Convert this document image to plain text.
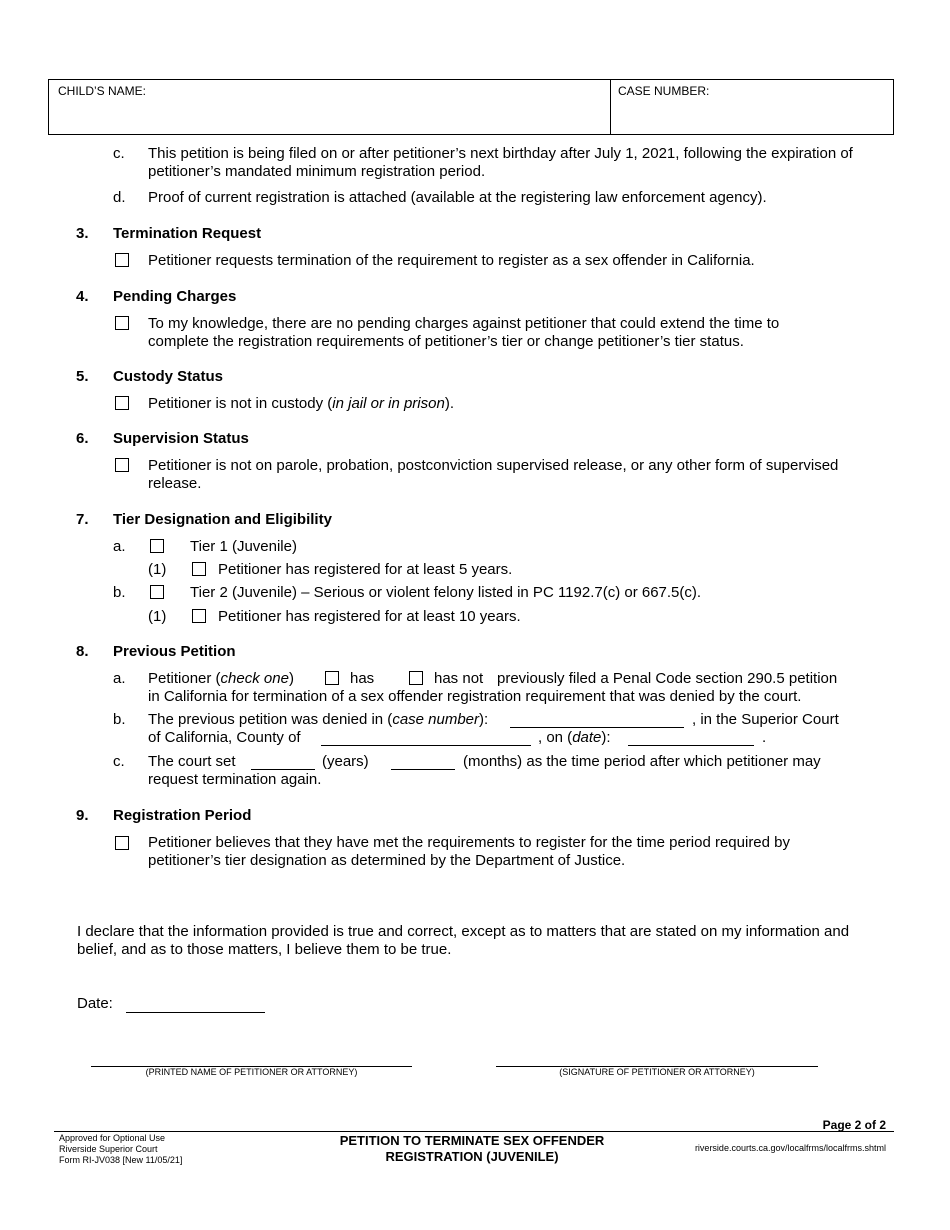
CHILD’S NAME:	CASE NUMBER:
c. This petition is being filed on or after petitioner’s next birthday after July 1, 2021, following the expiration of petitioner’s mandated minimum registration period.
d. Proof of current registration is attached (available at the registering law enforcement agency).
3. Termination Request
Petitioner requests termination of the requirement to register as a sex offender in California.
4. Pending Charges
To my knowledge, there are no pending charges against petitioner that could extend the time to complete the registration requirements of petitioner’s tier or change petitioner’s tier status.
5. Custody Status
Petitioner is not in custody (in jail or in prison).
6. Supervision Status
Petitioner is not on parole, probation, postconviction supervised release, or any other form of supervised release.
7. Tier Designation and Eligibility
a.	Tier 1 (Juvenile)
(1)	Petitioner has registered for at least 5 years.
b.	Tier 2 (Juvenile) – Serious or violent felony listed in PC 1192.7(c) or 667.5(c).
(1)	Petitioner has registered for at least 10 years.
8. Previous Petition
a. Petitioner (check one)	has	has not previously filed a Penal Code section 290.5 petition
in California for termination of a sex offender registration requirement that was denied by the court.
b. The previous petition was denied in (case number):	, in the Superior Court
of California, County of	, on (date):	.
c. The court set	(years)	(months) as the time period after which petitioner may
request termination again.
9. Registration Period
Petitioner believes that they have met the requirements to register for the time period required by petitioner’s tier designation as determined by the Department of Justice.
I declare that the information provided is true and correct, except as to matters that are stated on my information and belief, and as to those matters, I believe them to be true.
Date:
(PRINTED NAME OF PETITIONER OR ATTORNEY)	(SIGNATURE OF PETITIONER OR ATTORNEY)
Page 2 of 2
Approved for Optional Use
Riverside Superior Court
Form RI-JV038 [New 11/05/21]
PETITION TO TERMINATE SEX OFFENDER
REGISTRATION (JUVENILE)
riverside.courts.ca.gov/localfrms/localfrms.shtml
